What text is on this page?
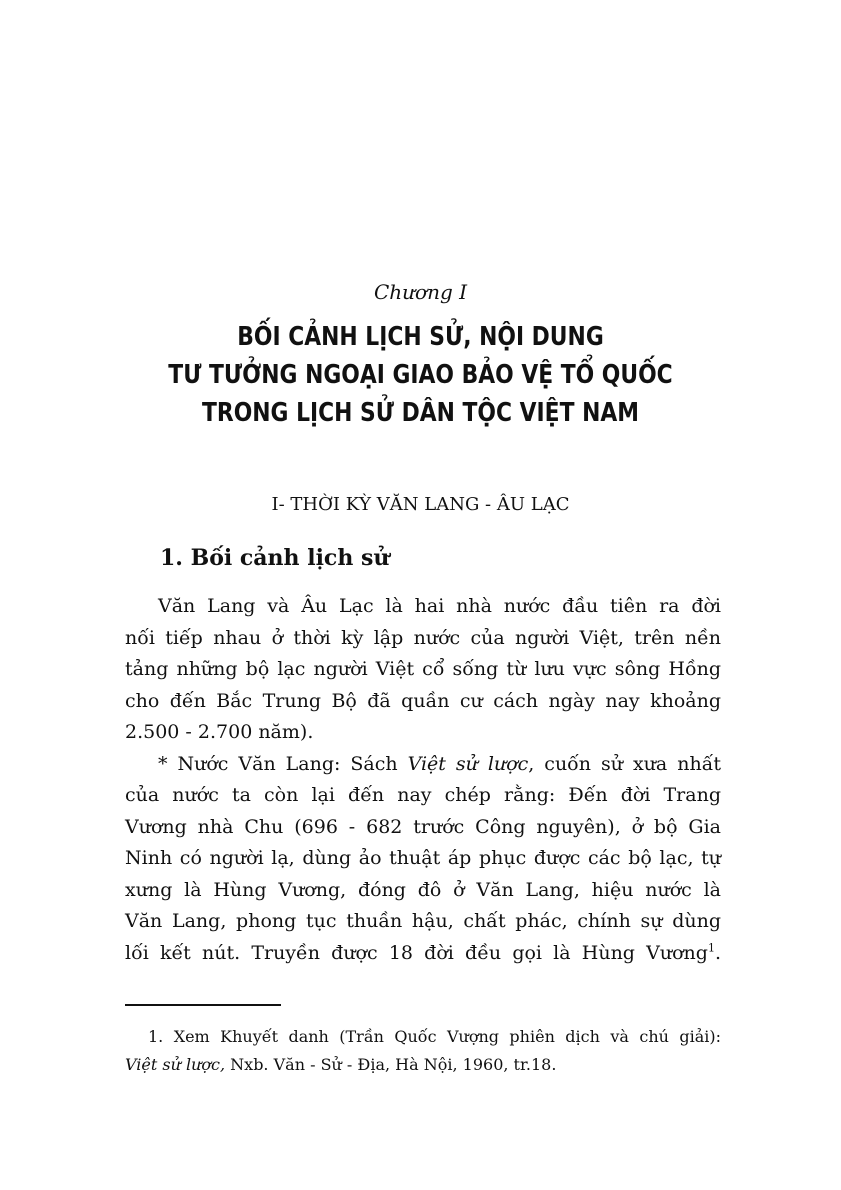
Chương I
BỐI CẢNH LỊCH SỬ, NỘI DUNG
TƯ TƯỞNG NGOẠI GIAO BẢO VỆ TỔ QUỐC
TRONG LỊCH SỬ DÂN TỘC VIỆT NAM
I- THỜI KỲ VĂN LANG - ÂU LẠC
1. Bối cảnh lịch sử
Văn Lang và Âu Lạc là hai nhà nước đầu tiên ra đời
nối tiếp nhau ở thời kỳ lập nước của người Việt, trên nền
tảng những bộ lạc người Việt cổ sống từ lưu vực sông Hồng
cho đến Bắc Trung Bộ đã quần cư cách ngày nay khoảng
2.500 - 2.700 năm).
* Nước Văn Lang: Sách Việt sử lược, cuốn sử xưa nhất
của nước ta còn lại đến nay chép rằng: Đến đời Trang
Vương nhà Chu (696 - 682 trước Công nguyên), ở bộ Gia
Ninh có người lạ, dùng ảo thuật áp phục được các bộ lạc, tự
xưng là Hùng Vương, đóng đô ở Văn Lang, hiệu nước là
Văn Lang, phong tục thuần hậu, chất phác, chính sự dùng
lối kết nút. Truyền được 18 đời đều gọi là Hùng Vương$^1$.
1. Xem Khuyết danh (Trần Quốc Vượng phiên dịch và chú giải):
Việt sử lược, Nxb. Văn - Sử - Địa, Hà Nội, 1960, tr.18.
